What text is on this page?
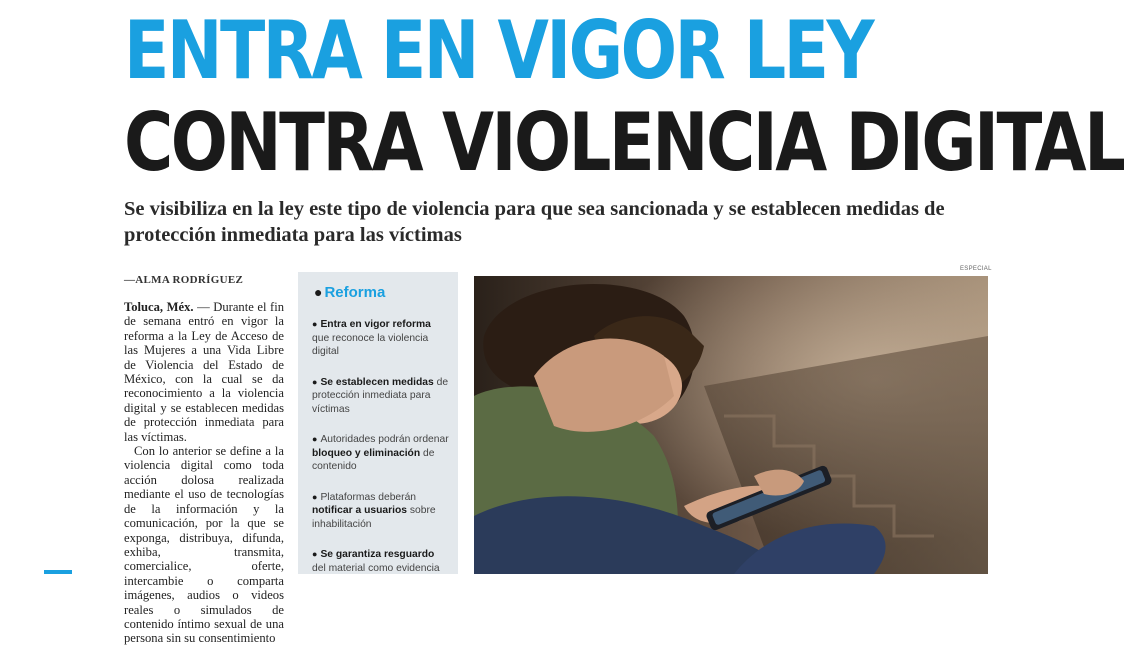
ENTRA EN VIGOR LEY
CONTRA VIOLENCIA DIGITAL

Se visibiliza en la ley este tipo de violencia para que sea sancionada y se establecen medidas de protección inmediata para las víctimas

—ALMA RODRÍGUEZ

Toluca, Méx. — Durante el fin de semana entró en vigor la reforma a la Ley de Acceso de las Mujeres a una Vida Libre de Violencia del Estado de México, con la cual se da reconocimiento a la violencia digital y se establecen medidas de protección inmediata para las víctimas.

Con lo anterior se define a la violencia digital como toda acción dolosa realizada mediante el uso de tecnologías de la información y la comunicación, por la que se exponga, distribuya, difunda, exhiba, transmita, comercialice, oferte, intercambie o comparta imágenes, audios o videos reales o simulados de contenido íntimo sexual de una persona sin su consentimiento

● Reforma
● Entra en vigor reforma que reconoce la violencia digital
● Se establecen medidas de protección inmediata para víctimas
● Autoridades podrán ordenar bloqueo y eliminación de contenido
● Plataformas deberán notificar a usuarios sobre inhabilitación
● Se garantiza resguardo del material como evidencia
ESPECIAL
